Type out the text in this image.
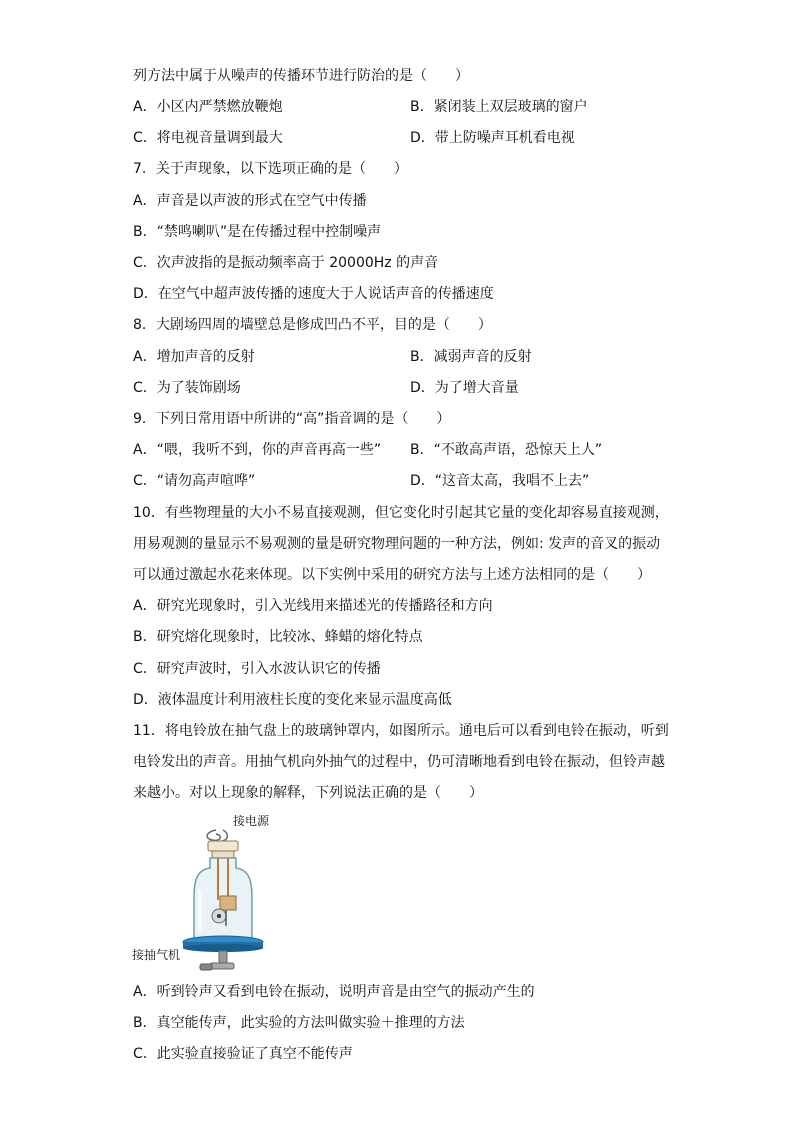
列方法中属于从噪声的传播环节进行防治的是（　　）
A．小区内严禁燃放鞭炮	B．紧闭装上双层玻璃的窗户
C．将电视音量调到最大	D．带上防噪声耳机看电视
7．关于声现象，以下选项正确的是（　　）
A．声音是以声波的形式在空气中传播
B．“禁鸣喇叭”是在传播过程中控制噪声
C．次声波指的是振动频率高于 20000Hz 的声音
D．在空气中超声波传播的速度大于人说话声音的传播速度
8．大剧场四周的墙壁总是修成凹凸不平，目的是（　　）
A．增加声音的反射	B．减弱声音的反射
C．为了装饰剧场	D．为了增大音量
9．下列日常用语中所讲的“高”指音调的是（　　）
A．“喂，我听不到，你的声音再高一些” B．“不敢高声语，恐惊天上人”
C．“请勿高声喧哗”	D．“这音太高，我唱不上去”
10．有些物理量的大小不易直接观测，但它变化时引起其它量的变化却容易直接观测，
用易观测的量显示不易观测的量是研究物理问题的一种方法，例如: 发声的音叉的振动
可以通过激起水花来体现。以下实例中采用的研究方法与上述方法相同的是（　　）
A．研究光现象时，引入光线用来描述光的传播路径和方向
B．研究熔化现象时，比较冰、蜂蜡的熔化特点
C．研究声波时，引入水波认识它的传播
D．液体温度计利用液柱长度的变化来显示温度高低
11．将电铃放在抽气盘上的玻璃钟罩内，如图所示。通电后可以看到电铃在振动，听到
电铃发出的声音。用抽气机向外抽气的过程中，仍可清晰地看到电铃在振动，但铃声越
来越小。对以上现象的解释，下列说法正确的是（　　）
接电源
接抽气机
A．听到铃声又看到电铃在振动，说明声音是由空气的振动产生的
B．真空能传声，此实验的方法叫做实验＋推理的方法
C．此实验直接验证了真空不能传声
